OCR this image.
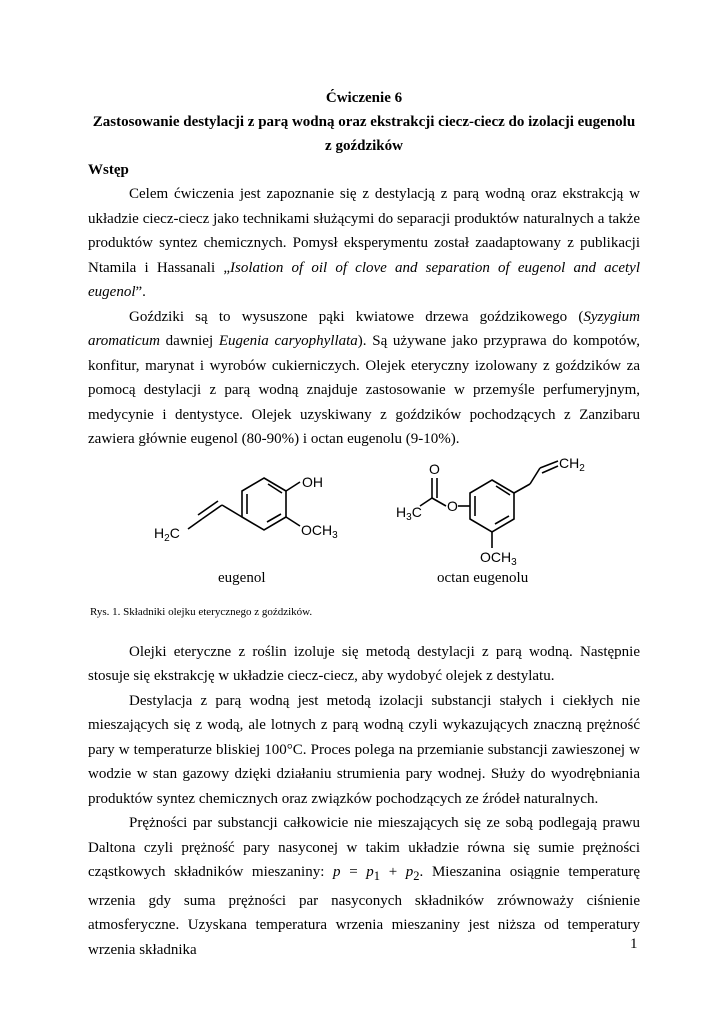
Ćwiczenie 6

Zastosowanie destylacji z parą wodną oraz ekstrakcji ciecz-ciecz do izolacji eugenolu z goździków

Wstęp

Celem ćwiczenia jest zapoznanie się z destylacją z parą wodną oraz ekstrakcją w układzie ciecz-ciecz jako technikami służącymi do separacji produktów naturalnych a także produktów syntez chemicznych. Pomysł eksperymentu został zaadaptowany z publikacji Ntamila i Hassanali „Isolation of oil of clove and separation of eugenol and acetyl eugenol”.

Goździki są to wysuszone pąki kwiatowe drzewa goździkowego (Syzygium aromaticum dawniej Eugenia caryophyllata). Są używane jako przyprawa do kompotów, konfitur, marynat i wyrobów cukierniczych. Olejek eteryczny izolowany z goździków za pomocą destylacji z parą wodną znajduje zastosowanie w przemyśle perfumeryjnym, medycynie i dentystyce. Olejek uzyskiwany z goździków pochodzących z Zanzibaru zawiera głównie eugenol (80-90%) i octan eugenolu (9-10%).

OH
$OCH_3$
$H_2C$
O
$H_3C$ O
$CH_2$
$OCH_3$
eugenol	octan eugenolu

Rys. 1. Składniki olejku eterycznego z goździków.

Olejki eteryczne z roślin izoluje się metodą destylacji z parą wodną. Następnie stosuje się ekstrakcję w układzie ciecz-ciecz, aby wydobyć olejek z destylatu.

Destylacja z parą wodną jest metodą izolacji substancji stałych i ciekłych nie mieszających się z wodą, ale lotnych z parą wodną czyli wykazujących znaczną prężność pary w temperaturze bliskiej 100°C. Proces polega na przemianie substancji zawieszonej w wodzie w stan gazowy dzięki działaniu strumienia pary wodnej. Służy do wyodrębniania produktów syntez chemicznych oraz związków pochodzących ze źródeł naturalnych.

Prężności par substancji całkowicie nie mieszających się ze sobą podlegają prawu Daltona czyli prężność pary nasyconej w takim układzie równa się sumie prężności cząstkowych składników mieszaniny: $p = p_1 + p_2$. Mieszanina osiągnie temperaturę wrzenia gdy suma prężności par nasyconych składników zrównoważy ciśnienie atmosferyczne. Uzyskana temperatura wrzenia mieszaniny jest niższa od temperatury wrzenia składnika	1
